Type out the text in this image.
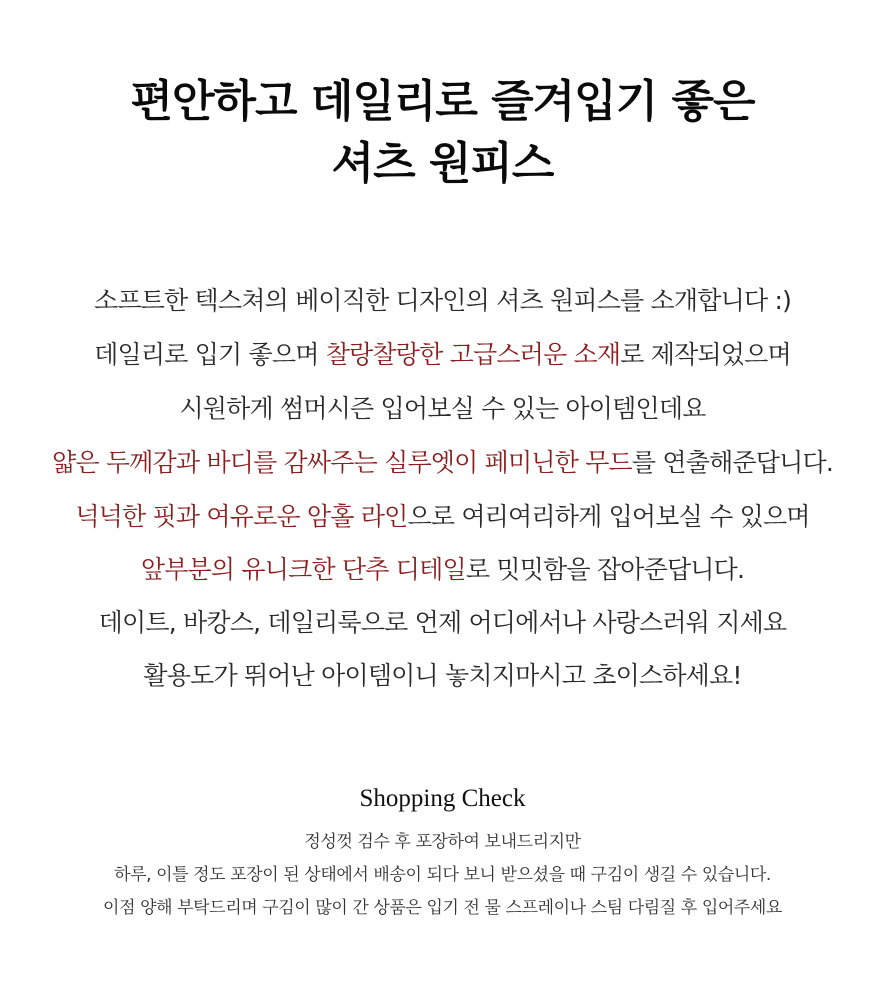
편안하고 데일리로 즐겨입기 좋은
셔츠 원피스
소프트한 텍스쳐의 베이직한 디자인의 셔츠 원피스를 소개합니다 :)
데일리로 입기 좋으며 찰랑찰랑한 고급스러운 소재로 제작되었으며
시원하게 썸머시즌 입어보실 수 있는 아이템인데요
얇은 두께감과 바디를 감싸주는 실루엣이 페미닌한 무드를 연출해준답니다.
넉넉한 핏과 여유로운 암홀 라인으로 여리여리하게 입어보실 수 있으며
앞부분의 유니크한 단추 디테일로 밋밋함을 잡아준답니다.
데이트, 바캉스, 데일리룩으로 언제 어디에서나 사랑스러워 지세요
활용도가 뛰어난 아이템이니 놓치지마시고 초이스하세요!
Shopping Check
정성껏 검수 후 포장하여 보내드리지만
하루, 이틀 정도 포장이 된 상태에서 배송이 되다 보니 받으셨을 때 구김이 생길 수 있습니다.
이점 양해 부탁드리며 구김이 많이 간 상품은 입기 전 물 스프레이나 스팀 다림질 후 입어주세요
